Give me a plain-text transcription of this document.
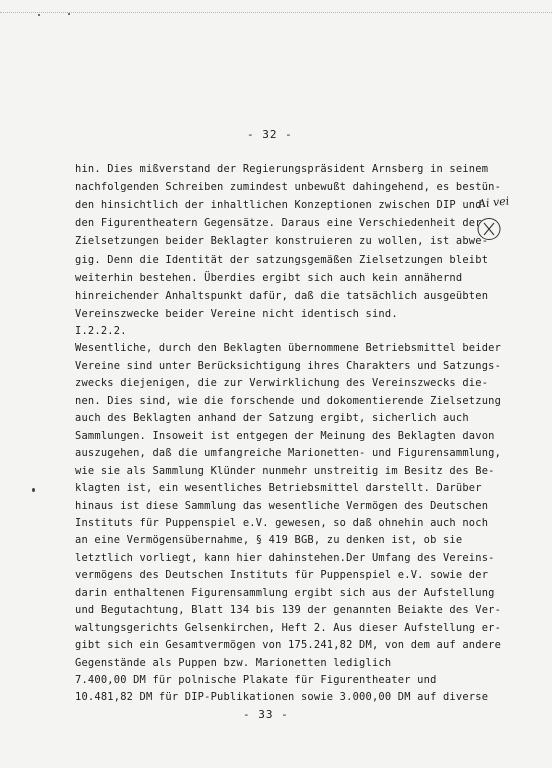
- 32 -
Ai vei
hin. Dies mißverstand der Regierungspräsident Arnsberg in seinem
nachfolgenden Schreiben zumindest unbewußt dahingehend, es bestün-
den hinsichtlich der inhaltlichen Konzeptionen zwischen DIP und
den Figurentheatern Gegensätze. Daraus eine Verschiedenheit der
Zielsetzungen beider Beklagter konstruieren zu wollen, ist abwe-
gig. Denn die Identität der satzungsgemäßen Zielsetzungen bleibt
weiterhin bestehen. Überdies ergibt sich auch kein annähernd
hinreichender Anhaltspunkt dafür, daß die tatsächlich ausgeübten
Vereinszwecke beider Vereine nicht identisch sind.
I.2.2.2.
Wesentliche, durch den Beklagten übernommene Betriebsmittel beider
Vereine sind unter Berücksichtigung ihres Charakters und Satzungs-
zwecks diejenigen, die zur Verwirklichung des Vereinszwecks die-
nen. Dies sind, wie die forschende und dokomentierende Zielsetzung
auch des Beklagten anhand der Satzung ergibt, sicherlich auch
Sammlungen. Insoweit ist entgegen der Meinung des Beklagten davon
auszugehen, daß die umfangreiche Marionetten- und Figurensammlung,
wie sie als Sammlung Klünder nunmehr unstreitig im Besitz des Be-
klagten ist, ein wesentliches Betriebsmittel darstellt. Darüber
hinaus ist diese Sammlung das wesentliche Vermögen des Deutschen
Instituts für Puppenspiel e.V. gewesen, so daß ohnehin auch noch
an eine Vermögensübernahme, § 419 BGB, zu denken ist, ob sie
letztlich vorliegt, kann hier dahinstehen.Der Umfang des Vereins-
vermögens des Deutschen Instituts für Puppenspiel e.V. sowie der
darin enthaltenen Figurensammlung ergibt sich aus der Aufstellung
und Begutachtung, Blatt 134 bis 139 der genannten Beiakte des Ver-
waltungsgerichts Gelsenkirchen, Heft 2. Aus dieser Aufstellung er-
gibt sich ein Gesamtvermögen von 175.241,82 DM, von dem auf andere
Gegenstände als Puppen bzw. Marionetten lediglich
7.400,00 DM für polnische Plakate für Figurentheater und
10.481,82 DM für DIP-Publikationen sowie 3.000,00 DM auf diverse
- 33 -
